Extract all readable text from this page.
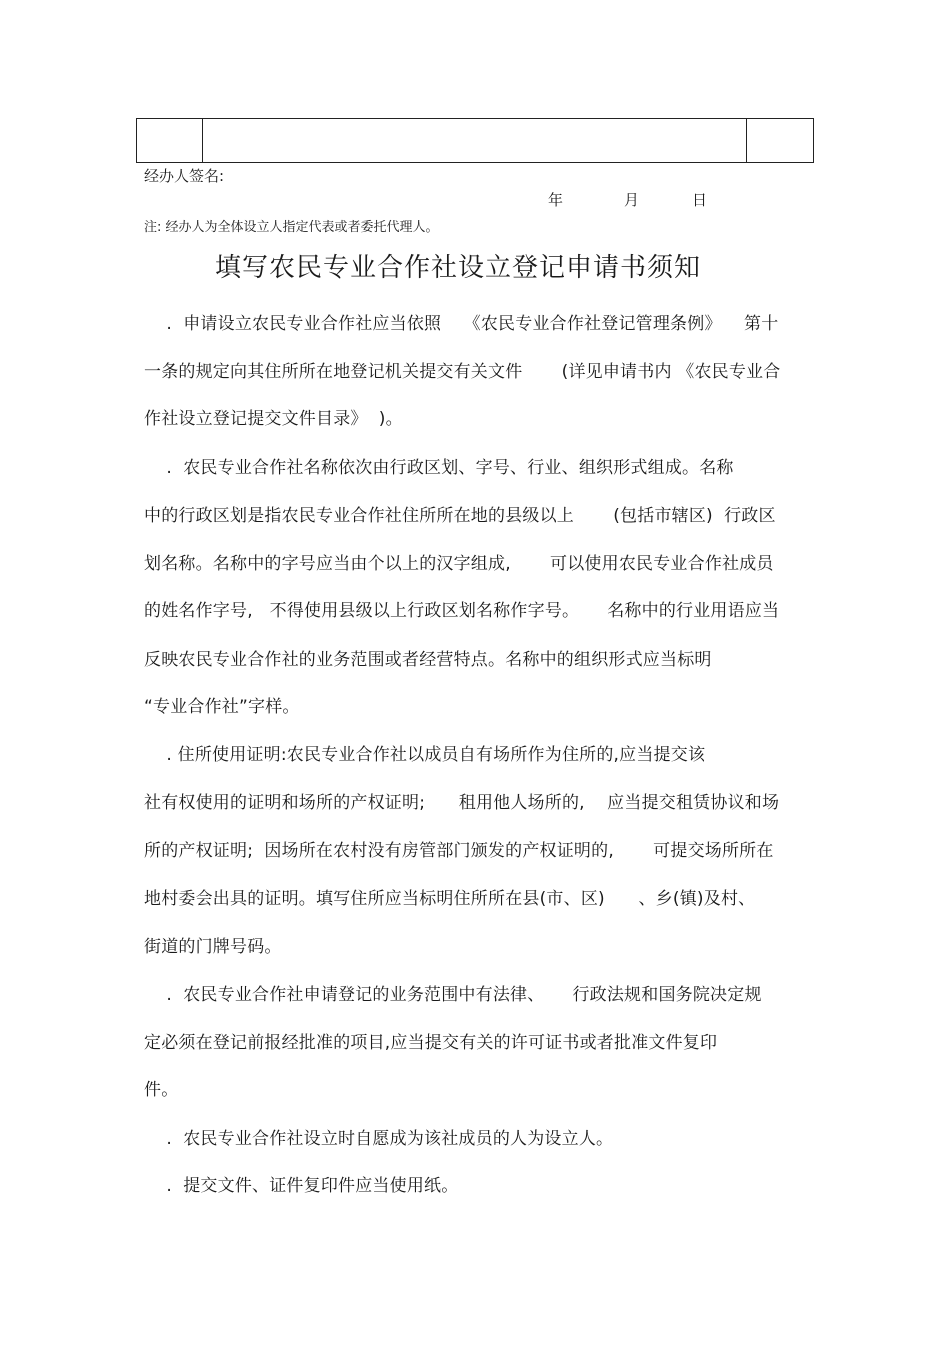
经办人签名:
年	月	日
注: 经办人为全体设立人指定代表或者委托代理人。
填写农民专业合作社设立登记申请书须知
.  申请设立农民专业合作社应当依照    《农民专业合作社登记管理条例》    第十
一条的规定向其住所所在地登记机关提交有关文件       (详见申请书内 《农民专业合
作社设立登记提交文件目录》  )。
.  农民专业合作社名称依次由行政区划、字号、行业、组织形式组成。名称
中的行政区划是指农民专业合作社住所所在地的县级以上       (包括市辖区)  行政区
划名称。名称中的字号应当由个以上的汉字组成,       可以使用农民专业合作社成员
的姓名作字号,   不得使用县级以上行政区划名称作字号。     名称中的行业用语应当
反映农民专业合作社的业务范围或者经营特点。名称中的组织形式应当标明
“专业合作社”字样。
. 住所使用证明:农民专业合作社以成员自有场所作为住所的,应当提交该
社有权使用的证明和场所的产权证明;      租用他人场所的,    应当提交租赁协议和场
所的产权证明;  因场所在农村没有房管部门颁发的产权证明的,       可提交场所所在
地村委会出具的证明。填写住所应当标明住所所在县(市、区)      、乡(镇)及村、
街道的门牌号码。
.  农民专业合作社申请登记的业务范围中有法律、     行政法规和国务院决定规
定必须在登记前报经批准的项目,应当提交有关的许可证书或者批准文件复印
件。
.  农民专业合作社设立时自愿成为该社成员的人为设立人。
.  提交文件、证件复印件应当使用纸。
